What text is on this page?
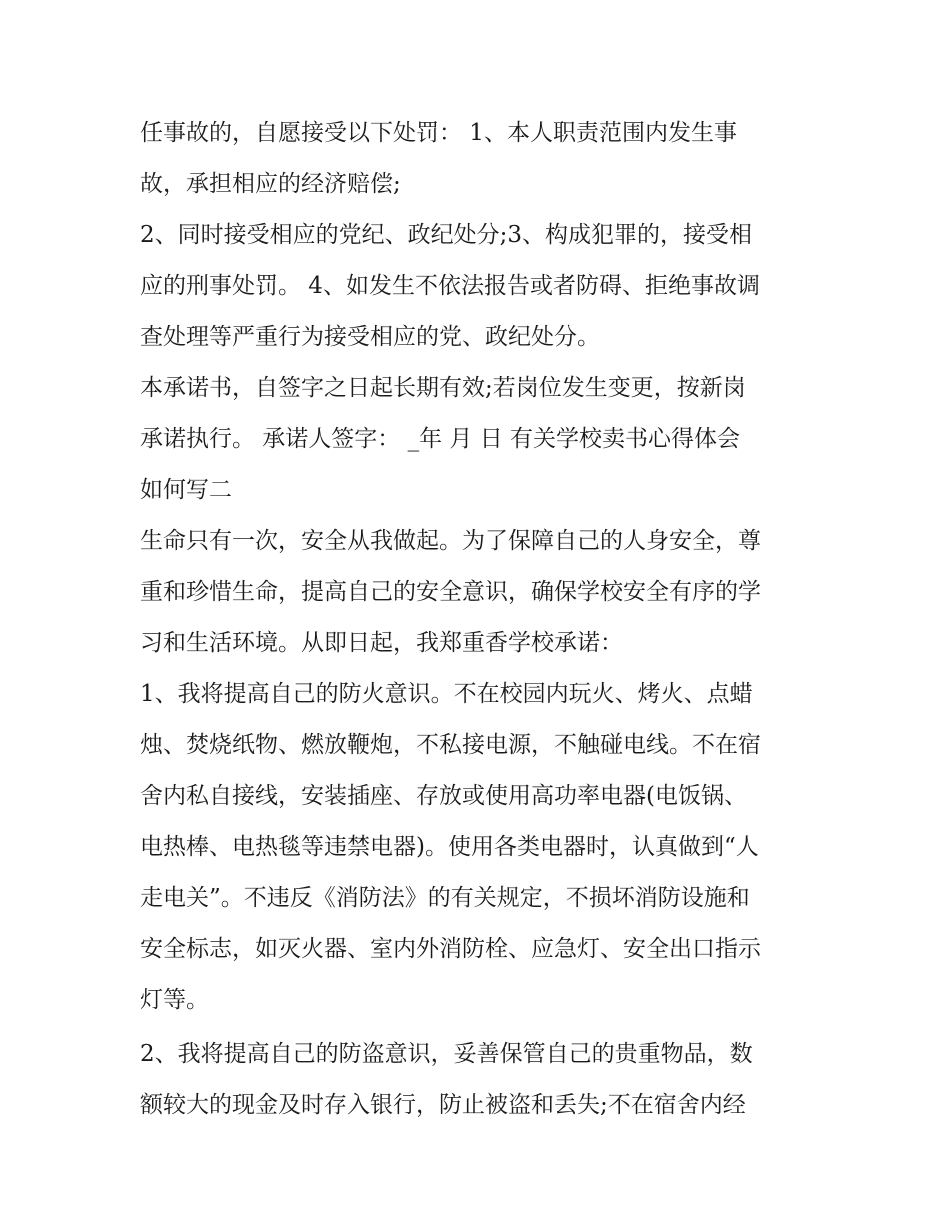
任事故的，自愿接受以下处罚： 1、本人职责范围内发生事
故，承担相应的经济赔偿;
2、同时接受相应的党纪、政纪处分;3、构成犯罪的，接受相
应的刑事处罚。 4、如发生不依法报告或者防碍、拒绝事故调
查处理等严重行为接受相应的党、政纪处分。
本承诺书，自签字之日起长期有效;若岗位发生变更，按新岗
承诺执行。 承诺人签字： _年 月 日 有关学校卖书心得体会
如何写二
生命只有一次，安全从我做起。为了保障自己的人身安全，尊
重和珍惜生命，提高自己的安全意识，确保学校安全有序的学
习和生活环境。从即日起，我郑重香学校承诺：
1、我将提高自己的防火意识。不在校园内玩火、烤火、点蜡
烛、焚烧纸物、燃放鞭炮，不私接电源，不触碰电线。不在宿
舍内私自接线，安装插座、存放或使用高功率电器(电饭锅、
电热棒、电热毯等违禁电器)。使用各类电器时，认真做到“人
走电关”。不违反《消防法》的有关规定，不损坏消防设施和
安全标志，如灭火器、室内外消防栓、应急灯、安全出口指示
灯等。
2、我将提高自己的防盗意识，妥善保管自己的贵重物品，数
额较大的现金及时存入银行，防止被盗和丢失;不在宿舍内经
